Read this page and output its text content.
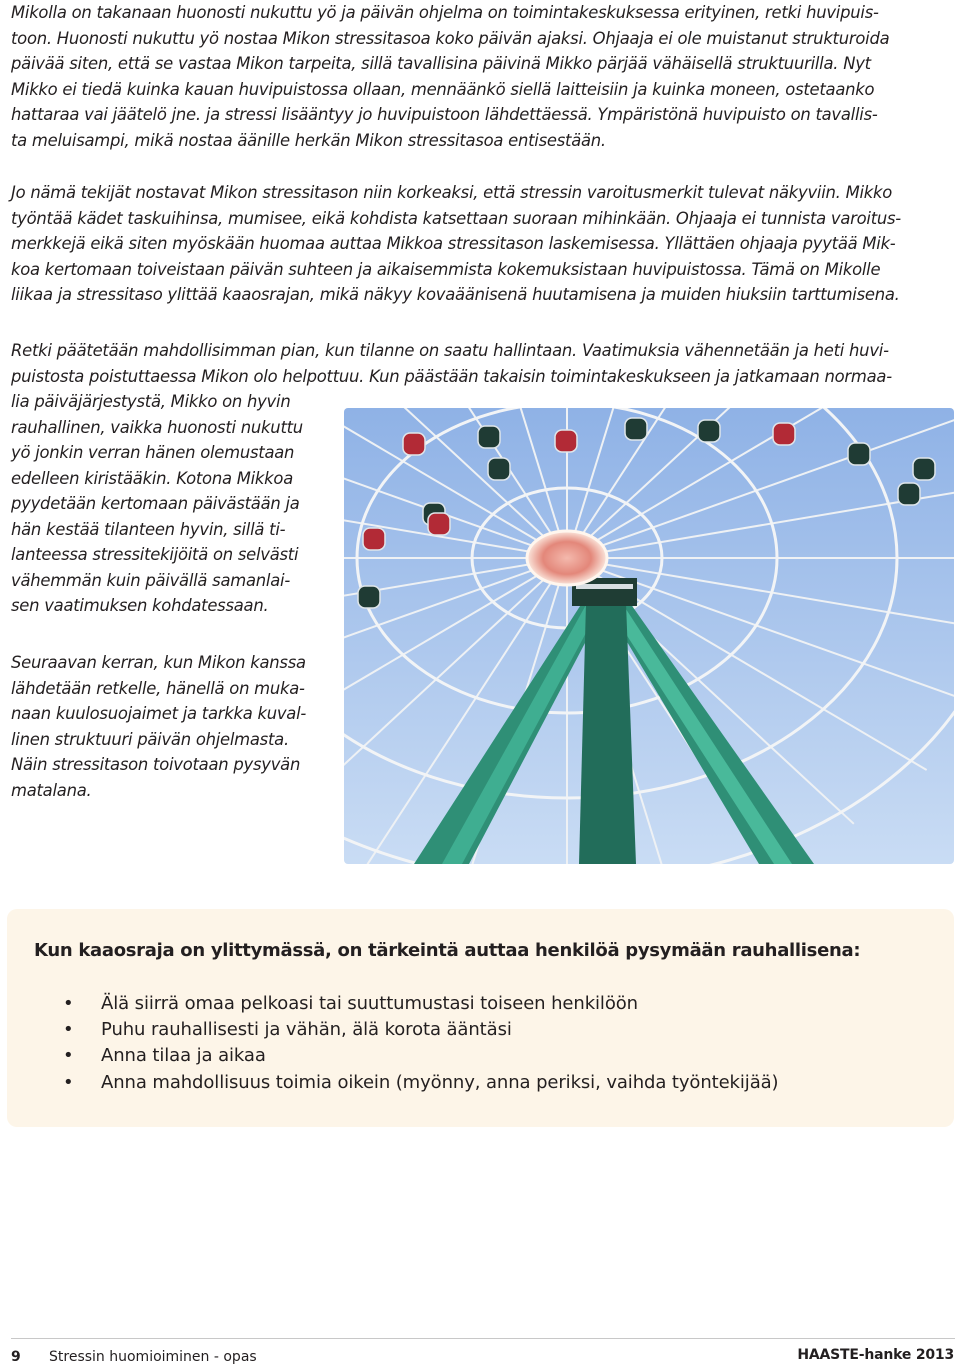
Mikolla on takanaan huonosti nukuttu yö ja päivän ohjelma on toimintakeskuksessa erityinen, retki huvipuis-
toon. Huonosti nukuttu yö nostaa Mikon stressitasoa koko päivän ajaksi. Ohjaaja ei ole muistanut strukturoida
päivää siten, että se vastaa Mikon tarpeita, sillä tavallisina päivinä Mikko pärjää vähäisellä struktuurilla. Nyt
Mikko ei tiedä kuinka kauan huvipuistossa ollaan, mennäänkö siellä laitteisiin ja kuinka moneen, ostetaanko
hattaraa vai jäätelö jne. ja stressi lisääntyy jo huvipuistoon lähdettäessä. Ympäristönä huvipuisto on tavallis-
ta meluisampi, mikä nostaa äänille herkän Mikon stressitasoa entisestään.

Jo nämä tekijät nostavat Mikon stressitason niin korkeaksi, että stressin varoitusmerkit tulevat näkyviin. Mikko
työntää kädet taskuihinsa, mumisee, eikä kohdista katsettaan suoraan mihinkään. Ohjaaja ei tunnista varoitus-
merkkejä eikä siten myöskään huomaa auttaa Mikkoa stressitason laskemisessa. Yllättäen ohjaaja pyytää Mik-
koa kertomaan toiveistaan päivän suhteen ja aikaisemmista kokemuksistaan huvipuistossa. Tämä on Mikolle
liikaa ja stressitaso ylittää kaaosrajan, mikä näkyy kovaäänisenä huutamisena ja muiden hiuksiin tarttumisena.

Retki päätetään mahdollisimman pian, kun tilanne on saatu hallintaan. Vaatimuksia vähennetään ja heti huvi-
puistosta poistuttaessa Mikon olo helpottuu. Kun päästään takaisin toimintakeskukseen ja jatkamaan normaa-
lia päiväjärjestystä, Mikko on hyvin
rauhallinen, vaikka huonosti nukuttu
yö jonkin verran hänen olemustaan
edelleen kiristääkin. Kotona Mikkoa
pyydetään kertomaan päivästään ja
hän kestää tilanteen hyvin, sillä ti-
lanteessa stressitekijöitä on selvästi
vähemmän kuin päivällä samanlai-
sen vaatimuksen kohdatessaan.

Seuraavan kerran, kun Mikon kanssa
lähdetään retkelle, hänellä on muka-
naan kuulosuojaimet ja tarkka kuval-
linen struktuuri päivän ohjelmasta.
Näin stressitason toivotaan pysyvän
matalana.

Kun kaaosraja on ylittymässä, on tärkeintä auttaa henkilöä pysymään rauhallisena:

• Älä siirrä omaa pelkoasi tai suuttumustasi toiseen henkilöön
• Puhu rauhallisesti ja vähän, älä korota ääntäsi
• Anna tilaa ja aikaa
• Anna mahdollisuus toimia oikein (myönny, anna periksi, vaihda työntekijää)
9 Stressin huomioiminen - opas	HAASTE-hanke 2013
